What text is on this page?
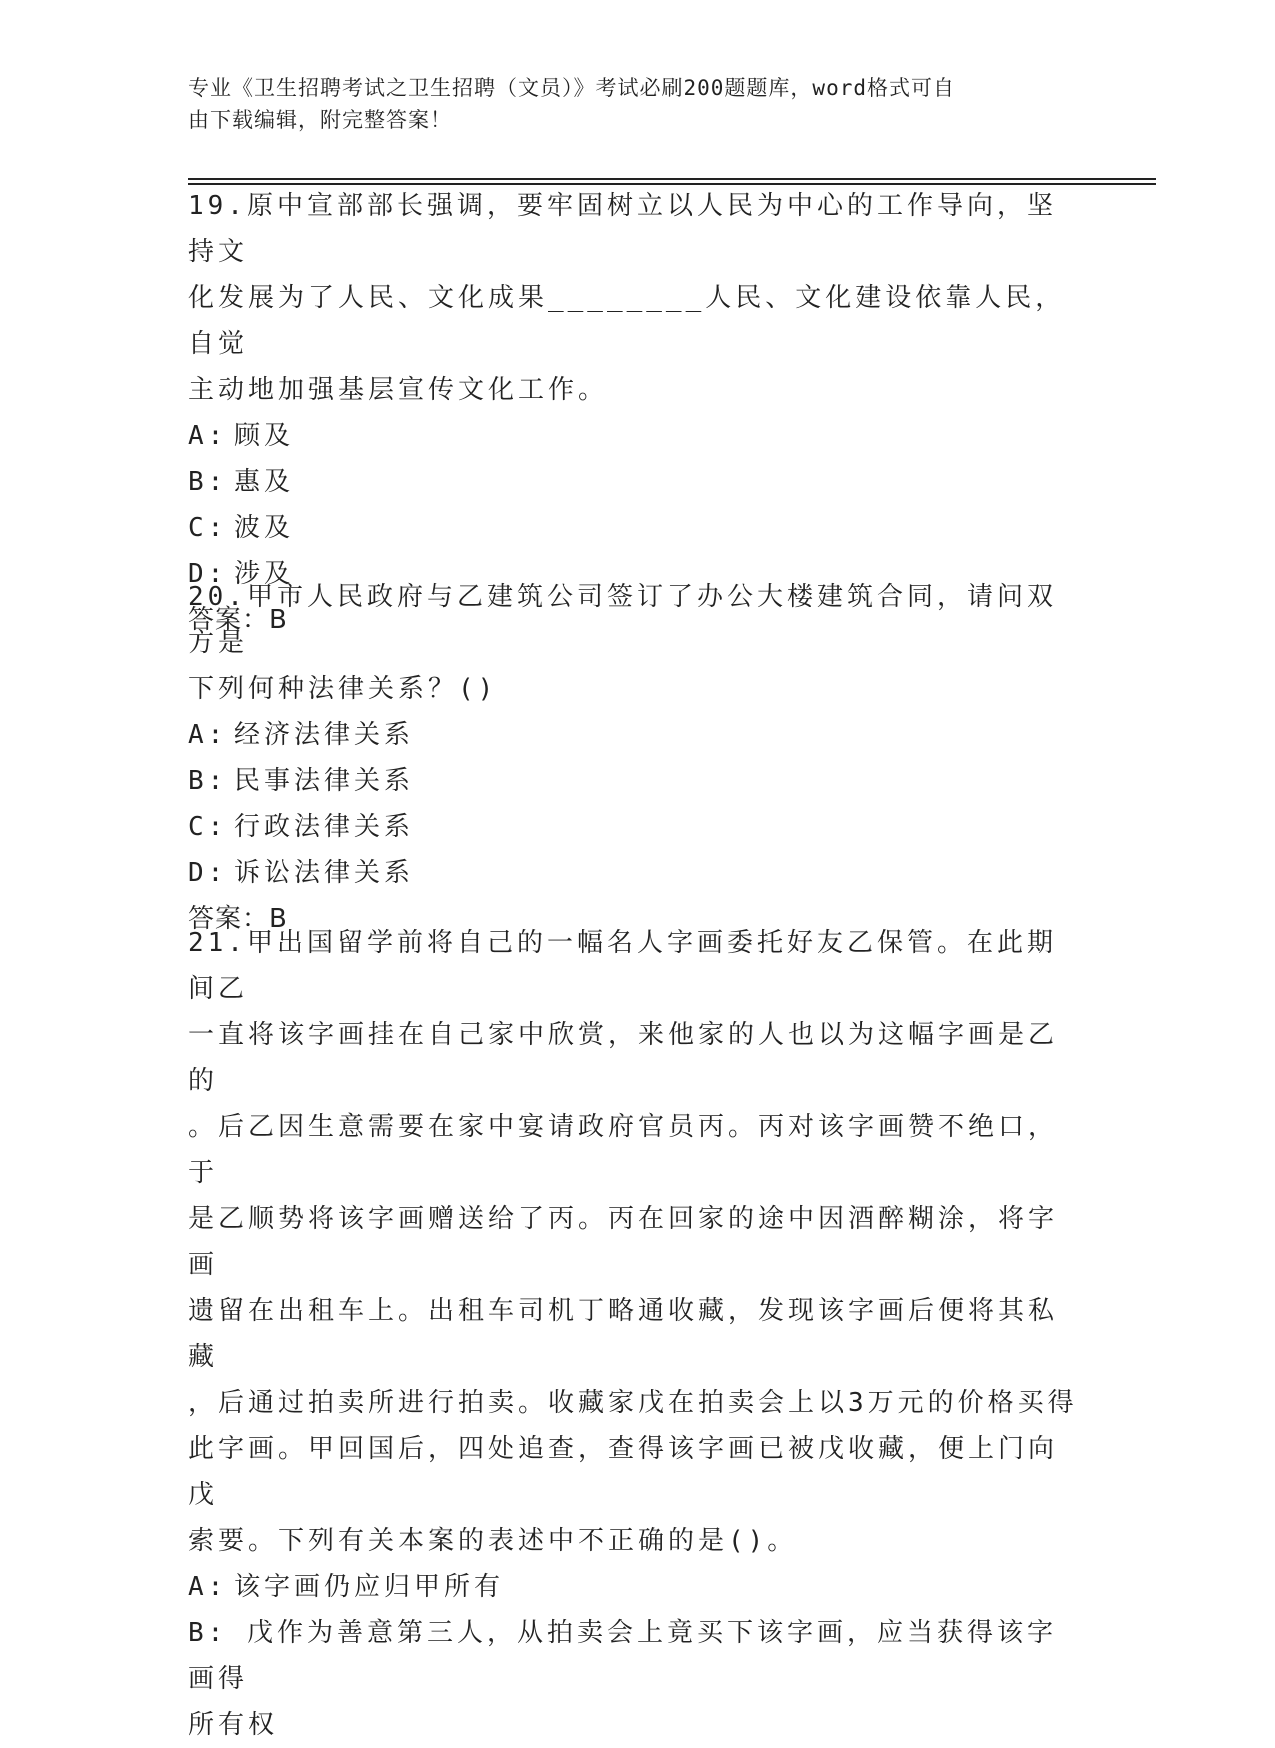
专业《卫生招聘考试之卫生招聘（文员）》考试必刷200题题库，word格式可自
由下载编辑，附完整答案！
19.原中宣部部长强调，要牢固树立以人民为中心的工作导向，坚持文
化发展为了人民、文化成果________人民、文化建设依靠人民，自觉
主动地加强基层宣传文化工作。
A: 顾及
B: 惠及
C: 波及
D: 涉及
答案：B
20.甲市人民政府与乙建筑公司签订了办公大楼建筑合同，请问双方是
下列何种法律关系？()
A: 经济法律关系
B: 民事法律关系
C: 行政法律关系
D: 诉讼法律关系
答案：B
21.甲出国留学前将自己的一幅名人字画委托好友乙保管。在此期间乙
一直将该字画挂在自己家中欣赏，来他家的人也以为这幅字画是乙的
。后乙因生意需要在家中宴请政府官员丙。丙对该字画赞不绝口，于
是乙顺势将该字画赠送给了丙。丙在回家的途中因酒醉糊涂，将字画
遗留在出租车上。出租车司机丁略通收藏，发现该字画后便将其私藏
，后通过拍卖所进行拍卖。收藏家戊在拍卖会上以3万元的价格买得
此字画。甲回国后，四处追查，查得该字画已被戊收藏，便上门向戊
索要。下列有关本案的表述中不正确的是()。
A: 该字画仍应归甲所有
B: 戊作为善意第三人，从拍卖会上竟买下该字画，应当获得该字画得
所有权
